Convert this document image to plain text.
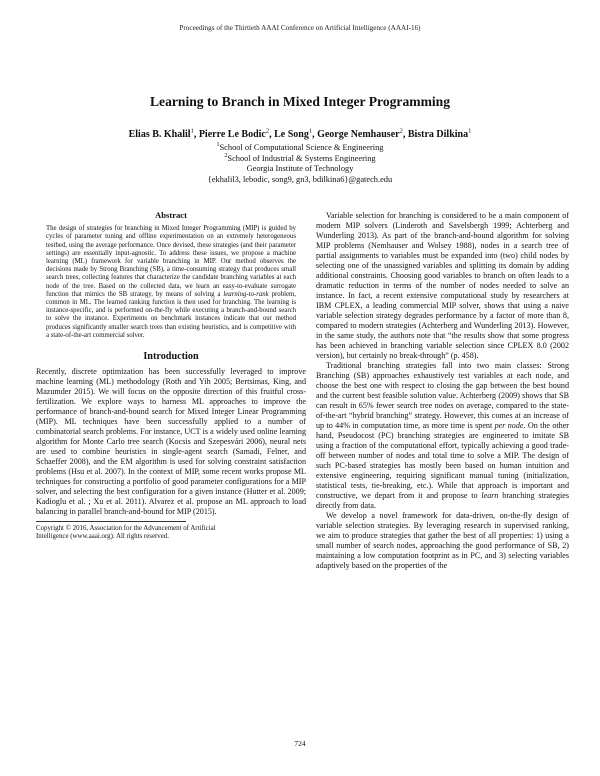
Proceedings of the Thirtieth AAAI Conference on Artificial Intelligence (AAAI-16)
Learning to Branch in Mixed Integer Programming
Elias B. Khalil$^1$, Pierre Le Bodic$^2$, Le Song$^1$, George Nemhauser$^2$, Bistra Dilkina$^1$
$^1$School of Computational Science & Engineering
$^2$School of Industrial & Systems Engineering
Georgia Institute of Technology
{ekhalil3, lebodic, song9, gn3, bdilkina6}@gatech.edu
Abstract
The design of strategies for branching in Mixed Integer Programming (MIP) is guided by cycles of parameter tuning and offline experimentation on an extremely heterogeneous testbed, using the average performance. Once devised, these strategies (and their parameter settings) are essentially input-agnostic. To address these issues, we propose a machine learning (ML) framework for variable branching in MIP. Our method observes the decisions made by Strong Branching (SB), a time-consuming strategy that produces small search trees, collecting features that characterize the candidate branching variables at each node of the tree. Based on the collected data, we learn an easy-to-evaluate surrogate function that mimics the SB strategy, by means of solving a learning-to-rank problem, common in ML. The learned ranking function is then used for branching. The learning is instance-specific, and is performed on-the-fly while executing a branch-and-bound search to solve the instance. Experiments on benchmark instances indicate that our method produces significantly smaller search trees than existing heuristics, and is competitive with a state-of-the-art commercial solver.
Introduction

Recently, discrete optimization has been successfully leveraged to improve machine learning (ML) methodology (Roth and Yih 2005; Bertsimas, King, and Mazumder 2015). We will focus on the opposite direction of this fruitful cross-fertilization. We explore ways to harness ML approaches to improve the performance of branch-and-bound search for Mixed Integer Linear Programming (MIP). ML techniques have been successfully applied to a number of combinatorial search problems. For instance, UCT is a widely used online learning algorithm for Monte Carlo tree search (Kocsis and Szepesvári 2006), neural nets are used to combine heuristics in single-agent search (Samadi, Felner, and Schaeffer 2008), and the EM algorithm is used for solving constraint satisfaction problems (Hsu et al. 2007). In the context of MIP, some recent works propose ML techniques for constructing a portfolio of good parameter configurations for a MIP solver, and selecting the best configuration for a given instance (Hutter et al. 2009; Kadioglu et al. ; Xu et al. 2011). Alvarez et al. propose an ML approach to load balancing in parallel branch-and-bound for MIP (2015).

Copyright © 2016, Association for the Advancement of Artificial
Intelligence (www.aaai.org). All rights reserved.

Variable selection for branching is considered to be a main component of modern MIP solvers (Linderoth and Savelsbergh 1999; Achterberg and Wunderling 2013). As part of the branch-and-bound algorithm for solving MIP problems (Nemhauser and Wolsey 1988), nodes in a search tree of partial assignments to variables must be expanded into (two) child nodes by selecting one of the unassigned variables and splitting its domain by adding additional constraints. Choosing good variables to branch on often leads to a dramatic reduction in terms of the number of nodes needed to solve an instance. In fact, a recent extensive computational study by researchers at IBM CPLEX, a leading commercial MIP solver, shows that using a naive variable selection strategy degrades performance by a factor of more than 8, compared to modern strategies (Achterberg and Wunderling 2013). However, in the same study, the authors note that “the results show that some progress has been achieved in branching variable selection since CPLEX 8.0 (2002 version), but certainly no break-through” (p. 458).

Traditional branching strategies fall into two main classes: Strong Branching (SB) approaches exhaustively test variables at each node, and choose the best one with respect to closing the gap between the best bound and the current best feasible solution value. Achterberg (2009) shows that SB can result in 65% fewer search tree nodes on average, compared to the state-of-the-art “hybrid branching” strategy. However, this comes at an increase of up to 44% in computation time, as more time is spent per node. On the other hand, Pseudocost (PC) branching strategies are engineered to imitate SB using a fraction of the computational effort, typically achieving a good trade-off between number of nodes and total time to solve a MIP. The design of such PC-based strategies has mostly been based on human intuition and extensive engineering, requiring significant manual tuning (initialization, statistical tests, tie-breaking, etc.). While that approach is important and constructive, we depart from it and propose to learn branching strategies directly from data.

We develop a novel framework for data-driven, on-the-fly design of variable selection strategies. By leveraging research in supervised ranking, we aim to produce strategies that gather the best of all properties: 1) using a small number of search nodes, approaching the good performance of SB, 2) maintaining a low computation footprint as in PC, and 3) selecting variables adaptively based on the properties of the

724
